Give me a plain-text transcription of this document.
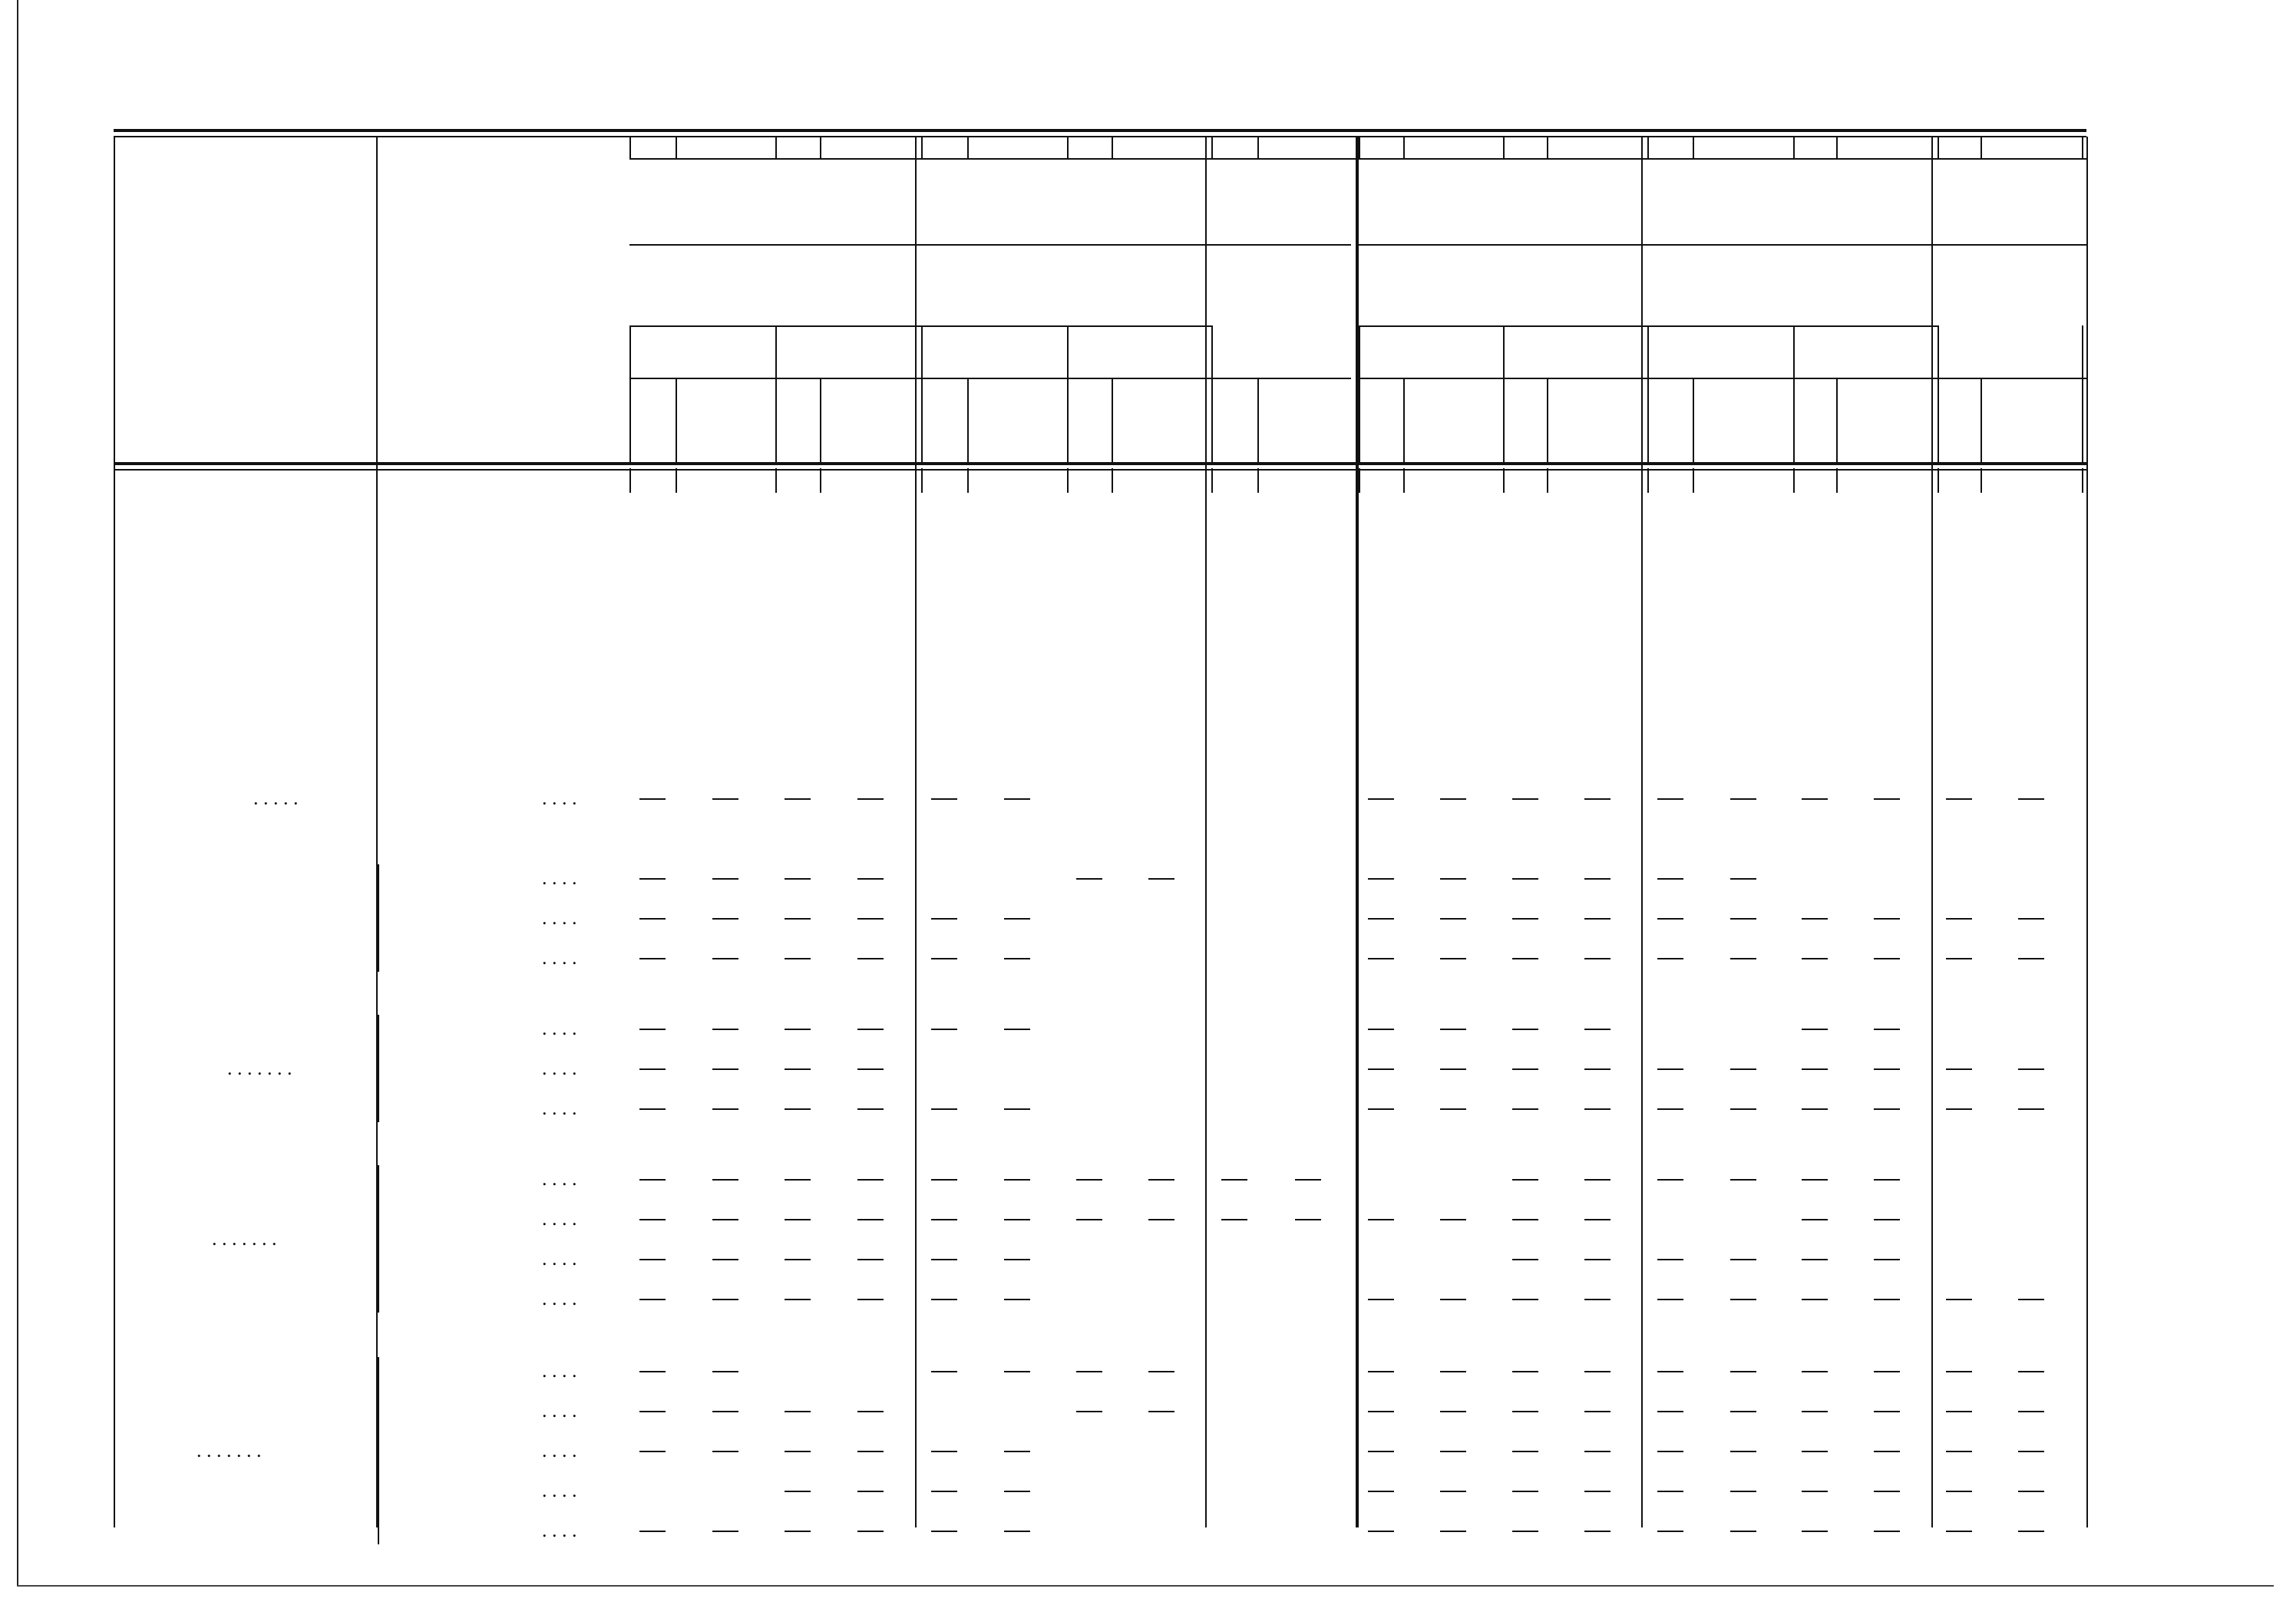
. . . .
. . . . .
. . . .
. . . .
. . . .
. . . .
. . . .
. . . .
. . . . . . .
. . . .
. . . .
. . . .
. . . .
. . . . . . .
. . . .
. . . .
. . . .
. . . .
. . . .
. . . . . . .
